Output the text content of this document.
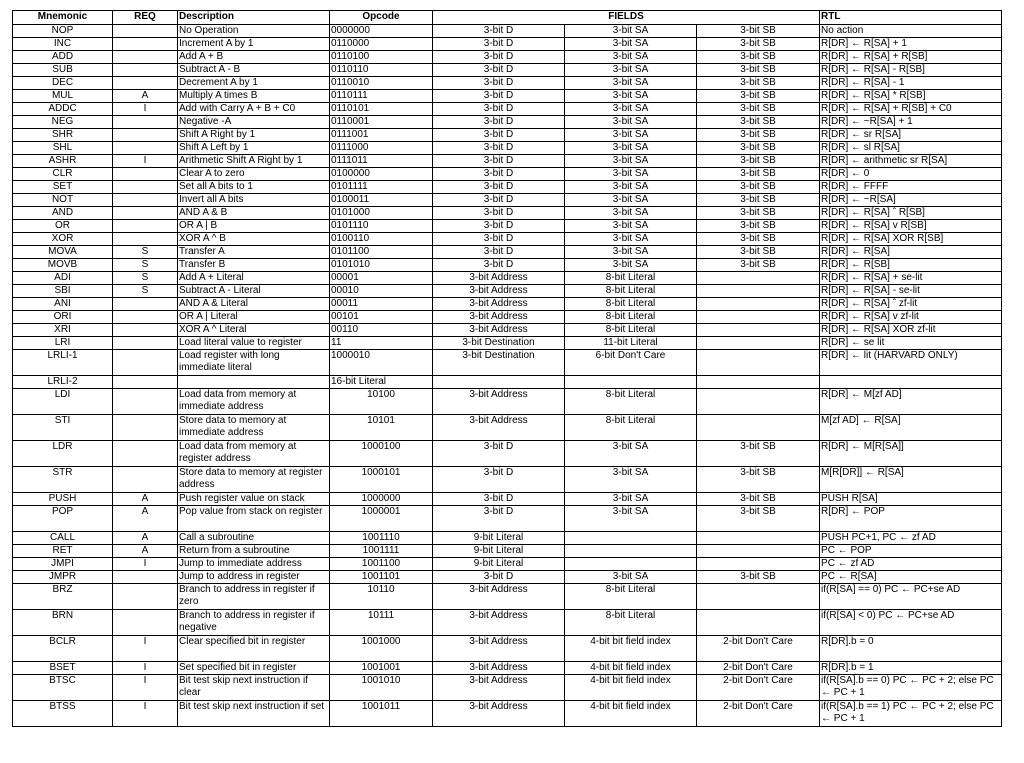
Mnemonic	REQ	Description	Opcode	FIELDS			RTL
NOP		No Operation	0000000	3-bit D	3-bit SA	3-bit SB	No action
INC		Increment A by 1	0110000	3-bit D	3-bit SA	3-bit SB	R[DR] ← R[SA] + 1
ADD		Add A + B	0110100	3-bit D	3-bit SA	3-bit SB	R[DR] ← R[SA] + R[SB]
SUB		Subtract A - B	0110110	3-bit D	3-bit SA	3-bit SB	R[DR] ← R[SA] - R[SB]
DEC		Decrement A by 1	0110010	3-bit D	3-bit SA	3-bit SB	R[DR] ← R[SA] - 1
MUL	A	Multiply A times B	0110111	3-bit D	3-bit SA	3-bit SB	R[DR] ← R[SA] * R[SB]
ADDC	I	Add with Carry A + B + C0	0110101	3-bit D	3-bit SA	3-bit SB	R[DR] ← R[SA] + R[SB] + C0
NEG		Negative -A	0110001	3-bit D	3-bit SA	3-bit SB	R[DR] ← ~R[SA] + 1
SHR		Shift A Right by 1	0111001	3-bit D	3-bit SA	3-bit SB	R[DR] ← sr R[SA]
SHL		Shift A Left by 1	0111000	3-bit D	3-bit SA	3-bit SB	R[DR] ← sl R[SA]
ASHR	I	Arithmetic Shift A Right by 1	0111011	3-bit D	3-bit SA	3-bit SB	R[DR] ← arithmetic sr R[SA]
CLR		Clear A to zero	0100000	3-bit D	3-bit SA	3-bit SB	R[DR] ← 0
SET		Set all A bits to 1	0101111	3-bit D	3-bit SA	3-bit SB	R[DR] ← FFFF
NOT		Invert all A bits	0100011	3-bit D	3-bit SA	3-bit SB	R[DR] ← ~R[SA]
AND		AND A & B	0101000	3-bit D	3-bit SA	3-bit SB	R[DR] ← R[SA] ˆ R[SB]
OR		OR A | B	0101110	3-bit D	3-bit SA	3-bit SB	R[DR] ← R[SA] v R[SB]
XOR		XOR A ^ B	0100110	3-bit D	3-bit SA	3-bit SB	R[DR] ← R[SA] XOR R[SB]
MOVA	S	Transfer A	0101100	3-bit D	3-bit SA	3-bit SB	R[DR] ← R[SA]
MOVB	S	Transfer B	0101010	3-bit D	3-bit SA	3-bit SB	R[DR] ← R[SB]
ADI	S	Add A + Literal	00001	3-bit Address	8-bit Literal		R[DR] ← R[SA] + se-lit
SBI	S	Subtract A - Literal	00010	3-bit Address	8-bit Literal		R[DR] ← R[SA] - se-lit
ANI		AND A & Literal	00011	3-bit Address	8-bit Literal		R[DR] ← R[SA] ˆ zf-lit
ORI		OR A | Literal	00101	3-bit Address	8-bit Literal		R[DR] ← R[SA] v zf-lit
XRI		XOR A ^ Literal	00110	3-bit Address	8-bit Literal		R[DR] ← R[SA] XOR zf-lit
LRI		Load literal value to register	11	3-bit Destination	11-bit Literal		R[DR] ← se lit
LRLI-1		Load register with long immediate literal	1000010	3-bit Destination	6-bit Don't Care		R[DR] ← lit (HARVARD ONLY)
LRLI-2			16-bit Literal				
LDI		Load data from memory at immediate address	10100	3-bit Address	8-bit Literal		R[DR] ← M[zf AD]
STI		Store data to memory at immediate address	10101	3-bit Address	8-bit Literal		M[zf AD] ← R[SA]
LDR		Load data from memory at register address	1000100	3-bit D	3-bit SA	3-bit SB	R[DR] ← M[R[SA]]
STR		Store data to memory at register address	1000101	3-bit D	3-bit SA	3-bit SB	M[R[DR]] ← R[SA]
PUSH	A	Push register value on stack	1000000	3-bit D	3-bit SA	3-bit SB	PUSH R[SA]
POP	A	Pop value from stack on register	1000001	3-bit D	3-bit SA	3-bit SB	R[DR] ← POP
CALL	A	Call a subroutine	1001110	9-bit Literal			PUSH PC+1, PC ← zf AD
RET	A	Return from a subroutine	1001111	9-bit Literal			PC ← POP
JMPI	I	Jump to immediate address	1001100	9-bit Literal			PC ← zf AD
JMPR		Jump to address in register	1001101	3-bit D	3-bit SA	3-bit SB	PC ← R[SA]
BRZ		Branch to address in register if zero	10110	3-bit Address	8-bit Literal		if(R[SA] == 0) PC ← PC+se AD
BRN		Branch to address in register if negative	10111	3-bit Address	8-bit Literal		if(R[SA] < 0) PC ← PC+se AD
BCLR	I	Clear specified bit in register	1001000	3-bit Address	4-bit bit field index	2-bit Don't Care	R[DR].b = 0
BSET	I	Set specified bit in register	1001001	3-bit Address	4-bit bit field index	2-bit Don't Care	R[DR].b = 1
BTSC	I	Bit test skip next instruction if clear	1001010	3-bit Address	4-bit bit field index	2-bit Don't Care	if(R[SA].b == 0) PC ← PC + 2; else PC ← PC + 1
BTSS	I	Bit test skip next instruction if set	1001011	3-bit Address	4-bit bit field index	2-bit Don't Care	if(R[SA].b == 1) PC ← PC + 2; else PC ← PC + 1
